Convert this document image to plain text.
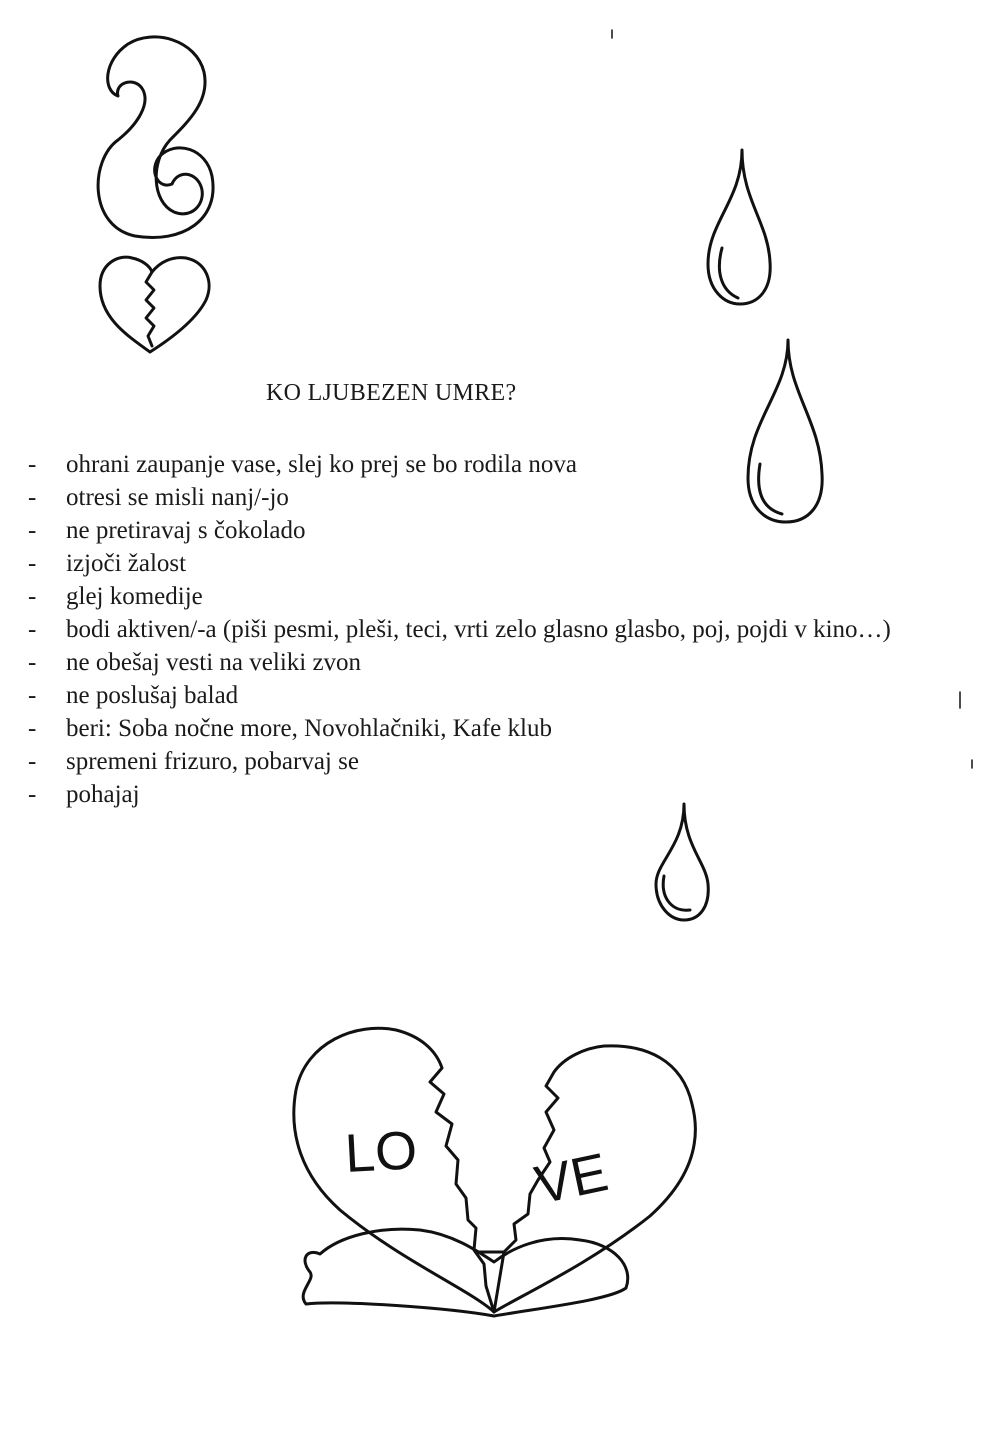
LO VE
KO LJUBEZEN UMRE?
- ohrani zaupanje vase, slej ko prej se bo rodila nova
- otresi se misli nanj/-jo
- ne pretiravaj s čokolado
- izjoči žalost
- glej komedije
- bodi aktiven/-a (piši pesmi, pleši, teci, vrti zelo glasno glasbo, poj, pojdi v kino…)
- ne obešaj vesti na veliki zvon
- ne poslušaj balad
- beri: Soba nočne more, Novohlačniki, Kafe klub
- spremeni frizuro, pobarvaj se
- pohajaj
